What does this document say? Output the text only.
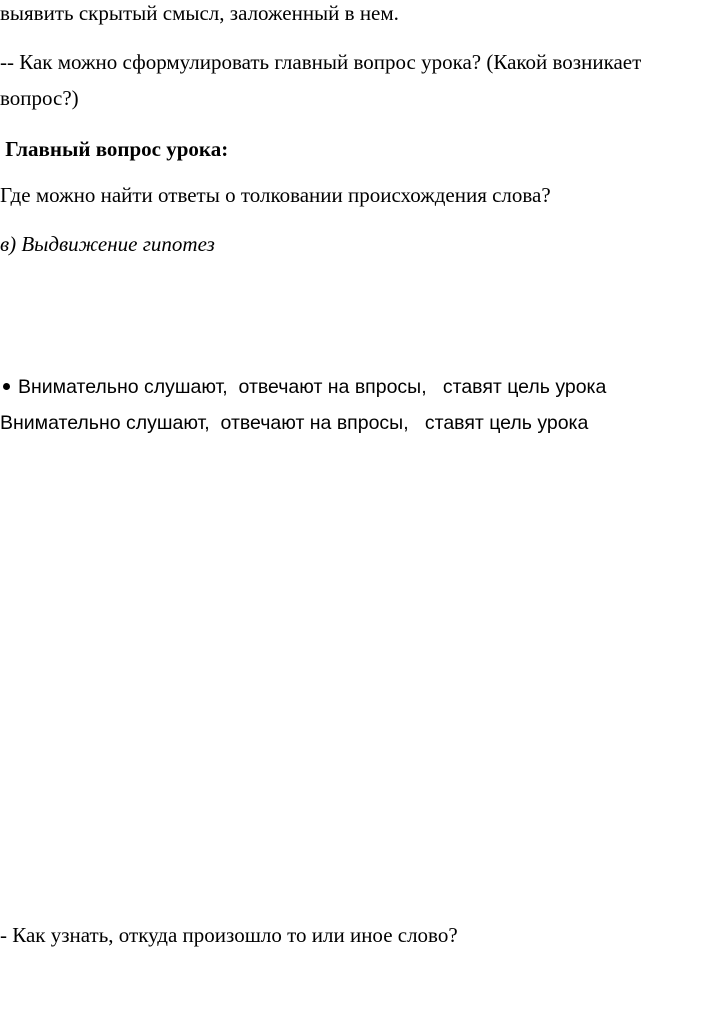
выявить скрытый смысл, заложенный в нем.
-- Как можно сформулировать главный вопрос урока? (Какой возникает
вопрос?)
Главный вопрос урока:
Где можно найти ответы о толковании происхождения слова?
в) Выдвижение гипотез
Внимательно слушают,  отвечают на впросы,   ставят цель урока
Внимательно слушают,  отвечают на впросы,   ставят цель урока
- Как узнать, откуда произошло то или иное слово?
